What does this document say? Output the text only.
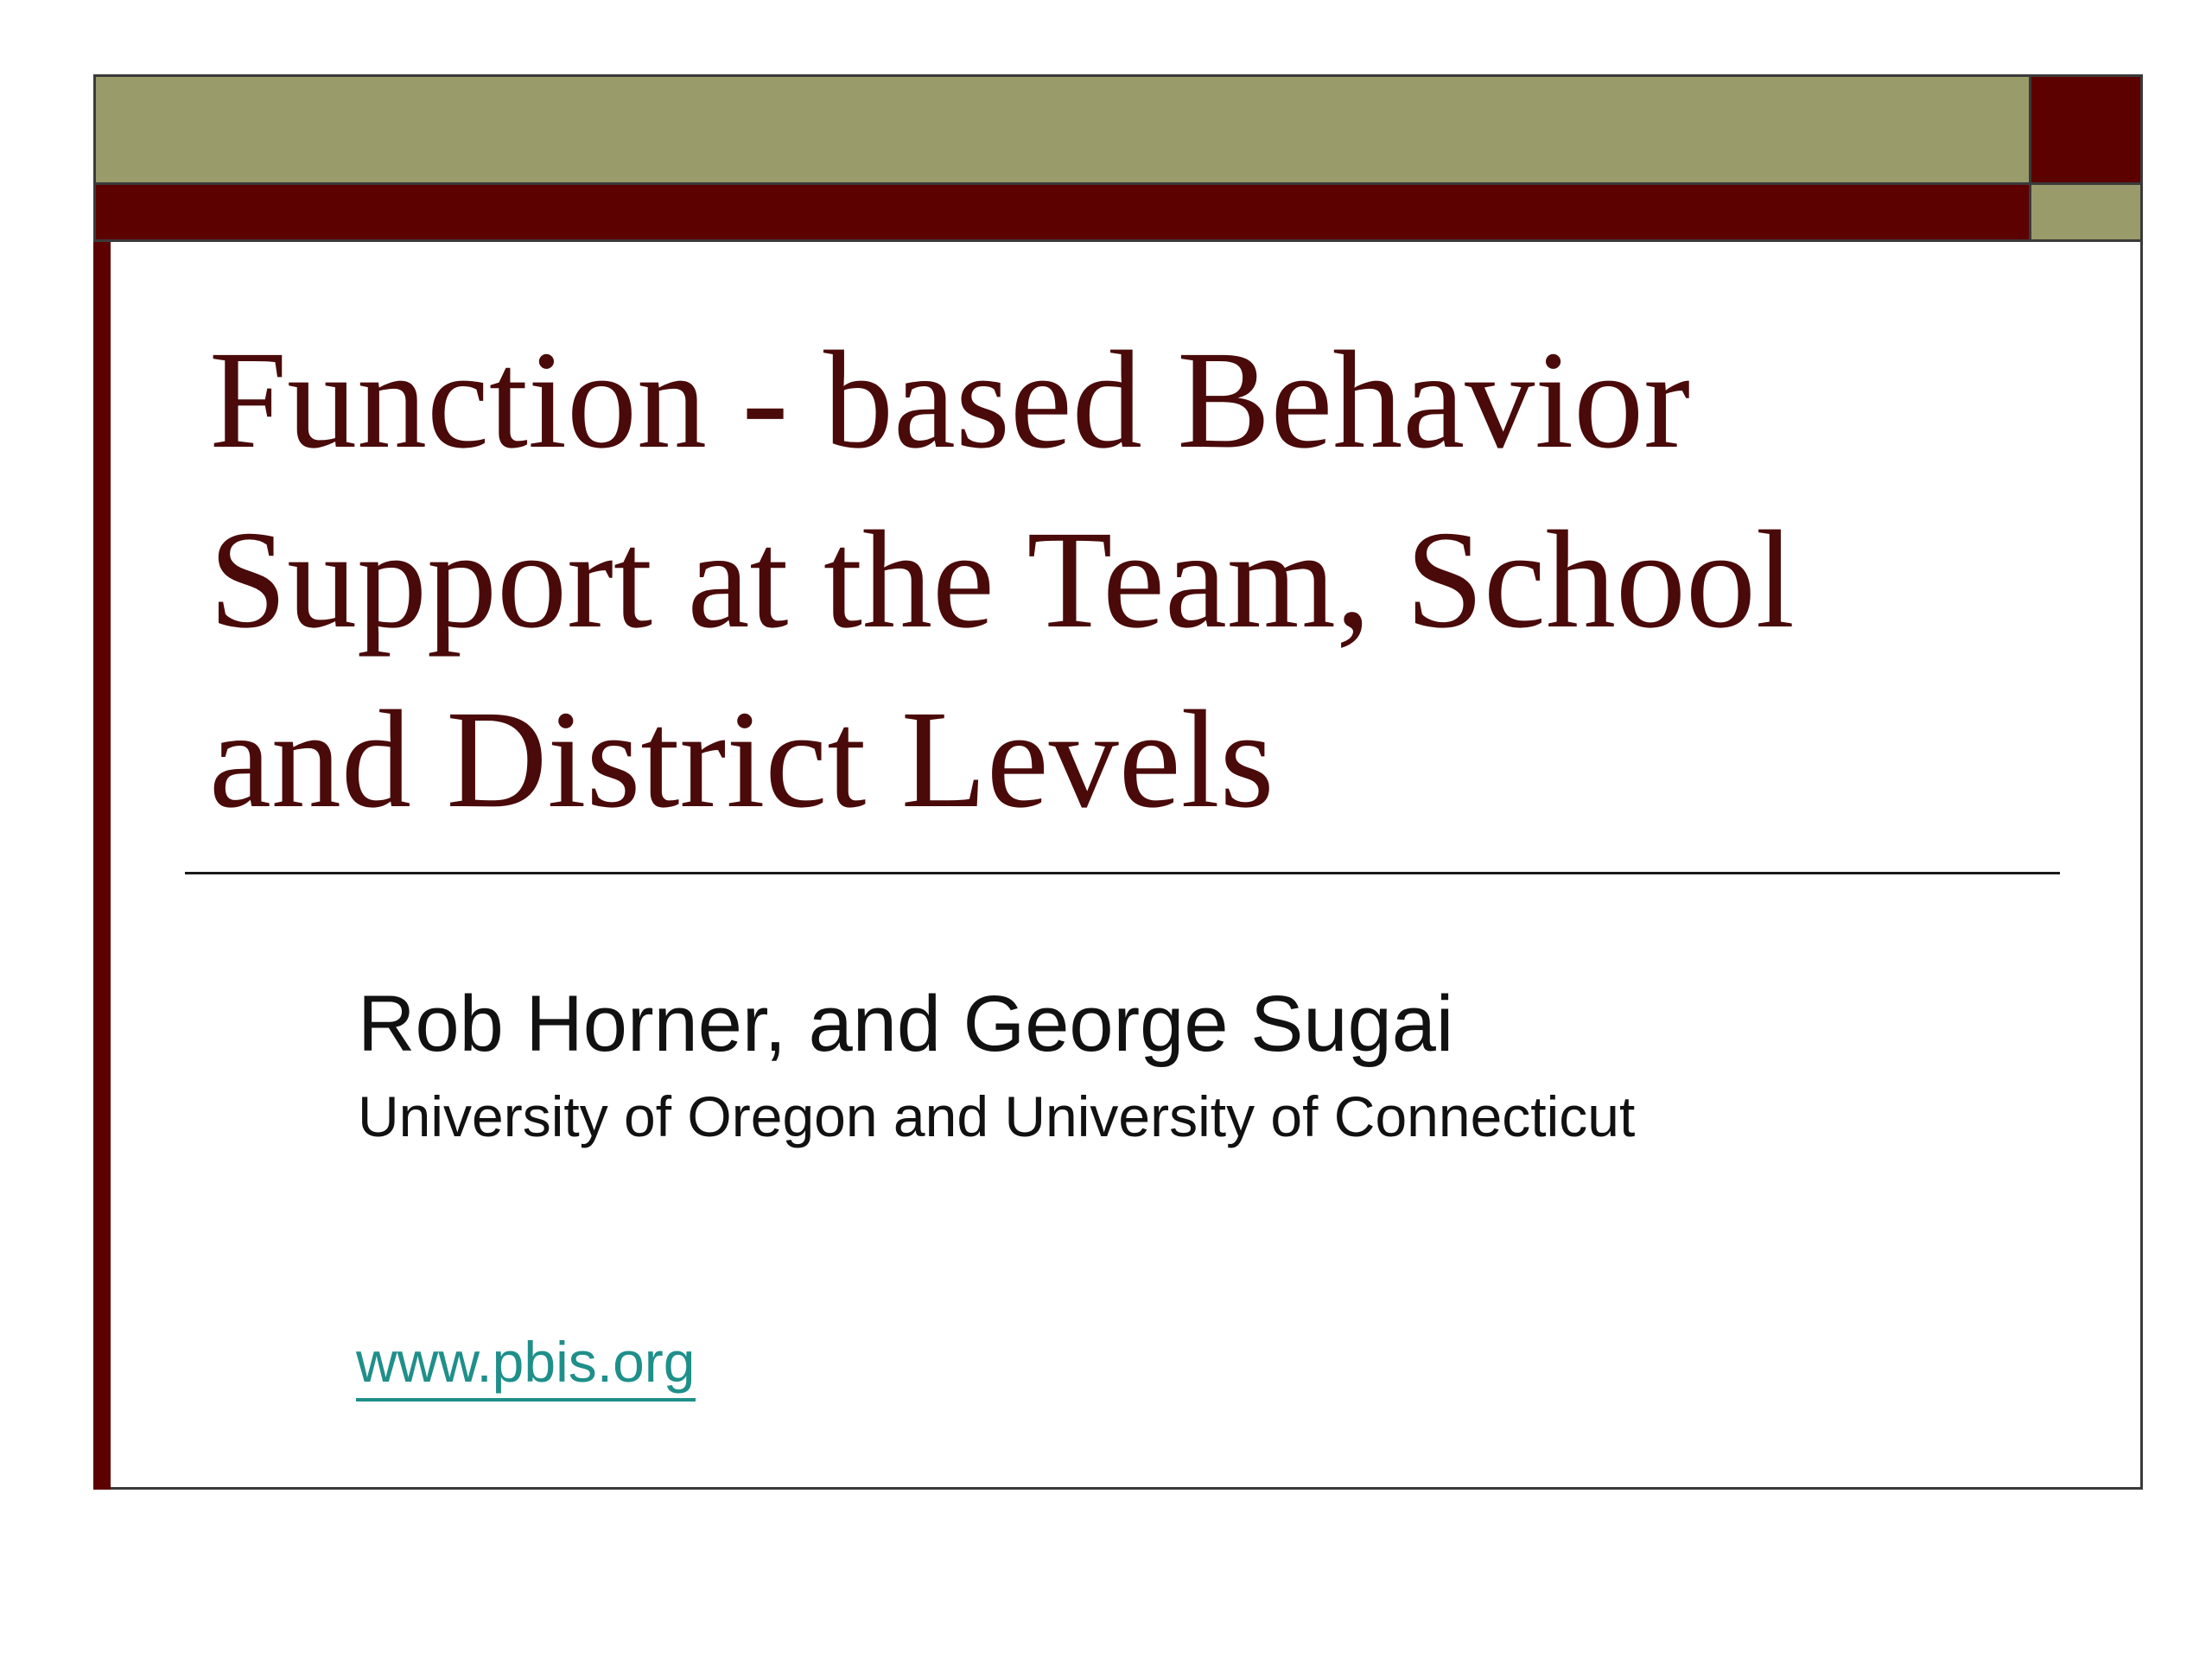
Function - based Behavior
Support at the Team, School
and District Levels

Rob Horner, and George Sugai

University of Oregon and University of Connecticut

www.pbis.org
